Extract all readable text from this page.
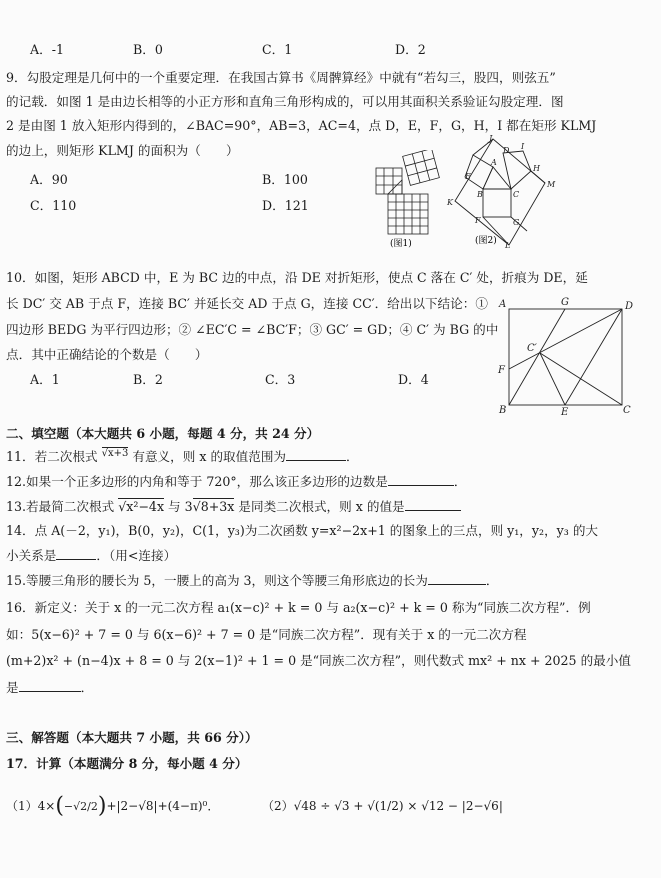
A．-1	B．0	C．1	D．2
9．勾股定理是几何中的一个重要定理．在我国古算书《周髀算经》中就有“若勾三，股四，则弦五”
的记载．如图 1 是由边长相等的小正方形和直角三角形构成的，可以用其面积关系验证勾股定理．图
2 是由图 1 放入矩形内得到的，∠BAC=90°，AB=3，AC=4，点 D，E，F，G，H，I 都在矩形 KLMJ
的边上，则矩形 KLMJ 的面积为（　　）
A．90	B．100
C．110	D．121
(图1)
J
D I
E
H
A
K
B	C
M
F	G
L
(图2)
10．如图，矩形 ABCD 中，E 为 BC 边的中点，沿 DE 对折矩形，使点 C 落在 C′ 处，折痕为 DE，延
长 DC′ 交 AB 于点 F，连接 BC′ 并延长交 AD 于点 G，连接 CC′．给出以下结论：①
四边形 BEDG 为平行四边形；② ∠EC′C = ∠BC′F；③ GC′ = GD；④ C′ 为 BG 的中
点．其中正确结论的个数是（　　）
A．1	B．2	C．3	D．4
A	G	D
C′
F
B	E	C
二、填空题（本大题共 6 小题，每题 4 分，共 24 分）
11．若二次根式 $^{√x+3}$ 有意义，则 x 的取值范围为	．
12.如果一个正多边形的内角和等于 720°，那么该正多边形的边数是	．
13.若最简二次根式 √x²−4x 与 3√8+3x 是同类二次根式，则 x 的值是
14．点 A(－2，y₁)，B(0，y₂)，C(1，y₃)为二次函数 y=x²−2x+1 的图象上的三点，则 y₁，y₂，y₃ 的大
小关系是	．（用<连接）
15.等腰三角形的腰长为 5，一腰上的高为 3，则这个等腰三角形底边的长为	．
16．新定义：关于 x 的一元二次方程 a₁(x−c)² + k = 0 与 a₂(x−c)² + k = 0 称为“同族二次方程”．例
如：5(x−6)² + 7 = 0 与 6(x−6)² + 7 = 0 是“同族二次方程”．现有关于 x 的一元二次方程
(m+2)x² + (n−4)x + 8 = 0 与 2(x−1)² + 1 = 0 是“同族二次方程”，则代数式 mx² + nx + 2025 的最小值
是	．
三、解答题（本大题共 7 小题，共 66 分））
17．计算（本题满分 8 分，每小题 4 分）
（1）4×(−√2/2)+|2−√8|+(4−π)⁰．	（2）√48 ÷ √3 + √(1/2) × √12 − |2−√6|
